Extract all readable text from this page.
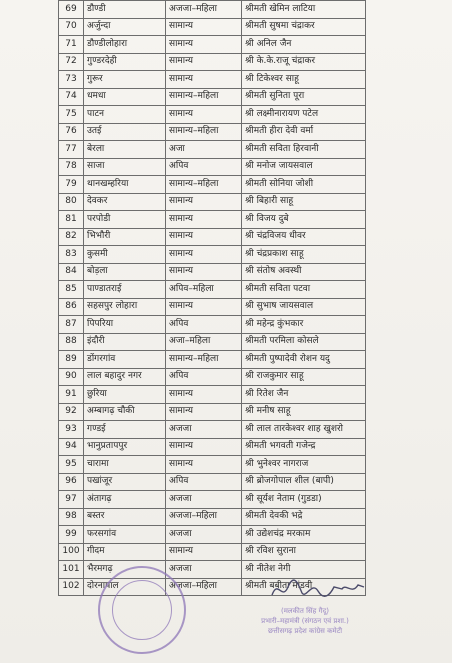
69	डौण्डी	अजजा–महिला	श्रीमती खेमिन लाटिया
70	अर्जुन्दा	सामान्य	श्रीमती सुषमा चंद्राकर
71	डौण्डीलोहारा	सामान्य	श्री अनिल जैन
72	गुण्डरदेही	सामान्य	श्री के.के.राजू चंद्राकर
73	गुरूर	सामान्य	श्री टिकेश्वर साहू
74	धमधा	सामान्य–महिला	श्रीमती सुनिता पूरा
75	पाटन	सामान्य	श्री लक्ष्मीनारायण पटेल
76	उतई	सामान्य–महिला	श्रीमती हीरा देवी वर्मा
77	बेरला	अजा	श्रीमती सविता हिरवानी
78	साजा	अपिव	श्री मनोज जायसवाल
79	थानखम्हरिया	सामान्य–महिला	श्रीमती सोनिया जोशी
80	देवकर	सामान्य	श्री बिहारी साहू
81	परपोडी	सामान्य	श्री विजय दुबे
82	भिभौरी	सामान्य	श्री चंद्रविजय धीवर
83	कुसमी	सामान्य	श्री चंद्रप्रकाश साहू
84	बोड़ला	सामान्य	श्री संतोष अवस्थी
85	पाण्डातराई	अपिव–महिला	श्रीमती सविता पटवा
86	सहसपुर लोहारा	सामान्य	श्री सुभाष जायसवाल
87	पिपरिया	अपिव	श्री महेन्द्र कुंभकार
88	इंदौरी	अजा–महिला	श्रीमती परमिला कोसले
89	डोंगरगांव	सामान्य–महिला	श्रीमती पुष्पादेवी रोशन यदु
90	लाल बहादुर नगर	अपिव	श्री राजकुमार साहू
91	छुरिया	सामान्य	श्री रितेश जैन
92	अम्बागढ़ चौकी	सामान्य	श्री मनीष साहू
93	गण्डई	अजजा	श्री लाल तारकेश्वर शाह खुशरो
94	भानुप्रतापपुर	सामान्य	श्रीमती भगवती गजेन्द्र
95	चारामा	सामान्य	श्री भुनेश्वर नागराज
96	पखांजूर	अपिव	श्री ब्रोजगोपाल शील (बापी)
97	अंतागढ़	अजजा	श्री सूर्यश नेताम (गुडडा)
98	बस्तर	अजजा–महिला	श्रीमती देवकी भद्रे
99	फरसगांव	अजजा	श्री उद्येशचंद्र मरकाम
100	गीदम	सामान्य	श्री रविश सुराना
101	भैरमगढ़	अजजा	श्री नीतेश नेगी
102	दोरनापाल	अजजा–महिला	श्रीमती बबीता मांडवी
(मलकीत सिंह गैदू)
प्रभारी–महामंत्री (संगठन एवं प्रशा.)
छत्तीसगढ़ प्रदेश कांग्रेस कमेटी
